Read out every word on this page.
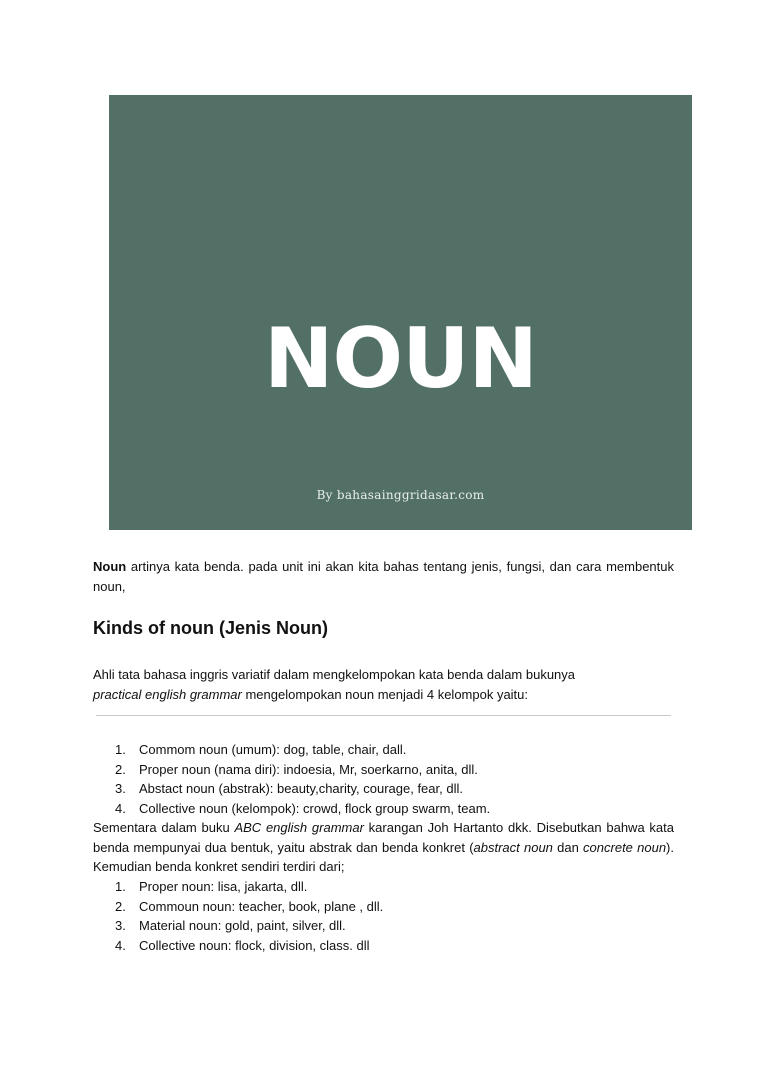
NOUN
By bahasainggridasar.com

Noun artinya kata benda. pada unit ini akan kita bahas tentang jenis, fungsi, dan cara membentuk noun,

Kinds of noun (Jenis Noun)

Ahli tata bahasa inggris variatif dalam mengkelompokan kata benda dalam bukunya
practical english grammar mengelompokan noun menjadi 4 kelompok yaitu:

1. Commom noun (umum): dog, table, chair, dall.
2. Proper noun (nama diri): indoesia, Mr, soerkarno, anita, dll.
3. Abstact noun (abstrak): beauty,charity, courage, fear, dll.
4. Collective noun (kelompok): crowd, flock group swarm, team.

Sementara dalam buku ABC english grammar karangan Joh Hartanto dkk. Disebutkan bahwa kata benda mempunyai dua bentuk, yaitu abstrak dan benda konkret (abstract noun dan concrete noun). Kemudian benda konkret sendiri terdiri dari;

1. Proper noun: lisa, jakarta, dll.
2. Commoun noun: teacher, book, plane , dll.
3. Material noun: gold, paint, silver, dll.
4. Collective noun: flock, division, class. dll
